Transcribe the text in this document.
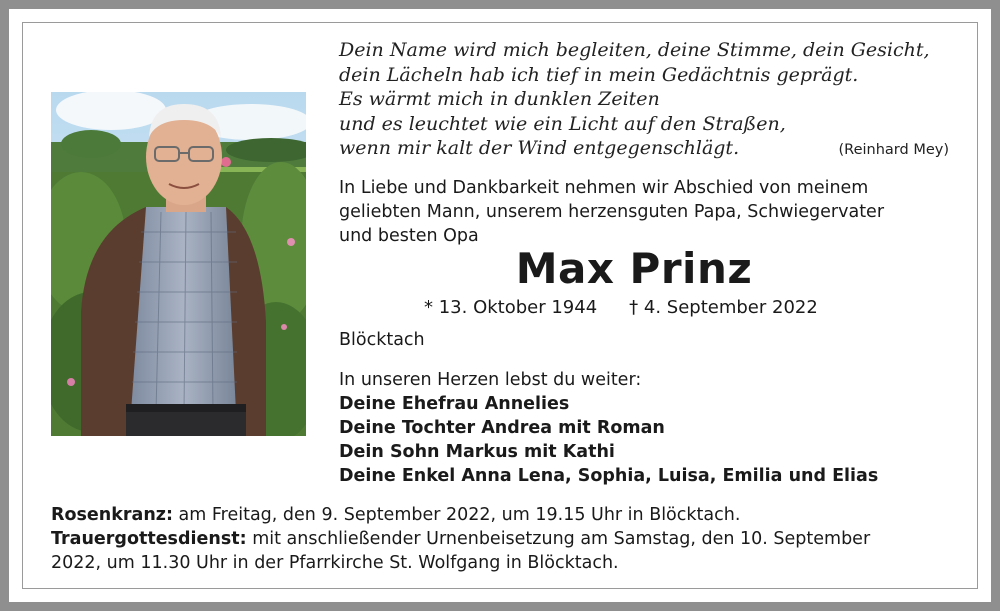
Dein Name wird mich begleiten, deine Stimme, dein Gesicht,
dein Lächeln hab ich tief in mein Gedächtnis geprägt.
Es wärmt mich in dunklen Zeiten
und es leuchtet wie ein Licht auf den Straßen,
wenn mir kalt der Wind entgegenschlägt.	(Reinhard Mey)
In Liebe und Dankbarkeit nehmen wir Abschied von meinem
geliebten Mann, unserem herzensguten Papa, Schwiegervater
und besten Opa
Max Prinz
* 13. Oktober 1944 † 4. September 2022
Blöcktach
In unseren Herzen lebst du weiter:
Deine Ehefrau Annelies
Deine Tochter Andrea mit Roman
Dein Sohn Markus mit Kathi
Deine Enkel Anna Lena, Sophia, Luisa, Emilia und Elias
Rosenkranz: am Freitag, den 9. September 2022, um 19.15 Uhr in Blöcktach.
Trauergottesdienst: mit anschließender Urnenbeisetzung am Samstag, den 10. September
2022, um 11.30 Uhr in der Pfarrkirche St. Wolfgang in Blöcktach.
